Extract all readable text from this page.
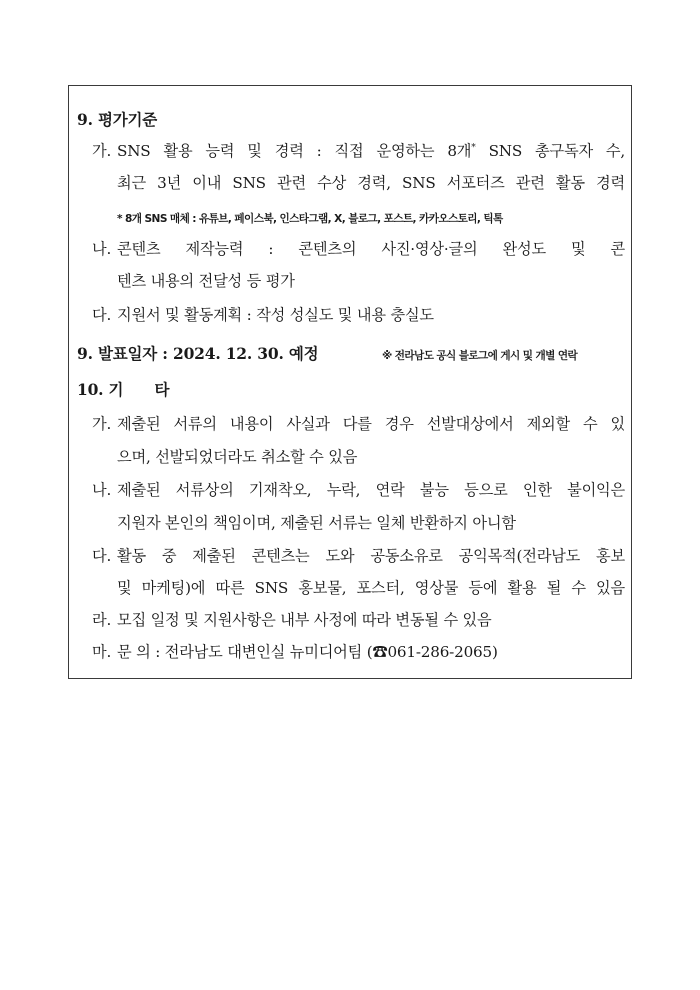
9. 평가기준
가. SNS 활용 능력 및 경력 : 직접 운영하는 8개* SNS 총구독자 수,
최근 3년 이내 SNS 관련 수상 경력, SNS 서포터즈 관련 활동 경력
* 8개 SNS 매체 : 유튜브, 페이스북, 인스타그램, X, 블로그, 포스트, 카카오스토리, 틱톡
나. 콘텐츠 제작능력 : 콘텐츠의 사진·영상·글의 완성도 및 콘
텐츠 내용의 전달성 등 평가
다. 지원서 및 활동계획 : 작성 성실도 및 내용 충실도
9. 발표일자 : 2024. 12. 30. 예정	※ 전라남도 공식 블로그에 게시 및 개별 연락
10. 기      타
가. 제출된 서류의 내용이 사실과 다를 경우 선발대상에서 제외할 수 있
으며, 선발되었더라도 취소할 수 있음
나. 제출된 서류상의 기재착오, 누락, 연락 불능 등으로 인한 불이익은
지원자 본인의 책임이며, 제출된 서류는 일체 반환하지 아니함
다. 활동 중 제출된 콘텐츠는 도와 공동소유로 공익목적(전라남도 홍보
및 마케팅)에 따른 SNS 홍보물, 포스터, 영상물 등에 활용 될 수 있음
라. 모집 일정 및 지원사항은 내부 사정에 따라 변동될 수 있음
마. 문 의 : 전라남도 대변인실 뉴미디어팀 (☎061-286-2065)
